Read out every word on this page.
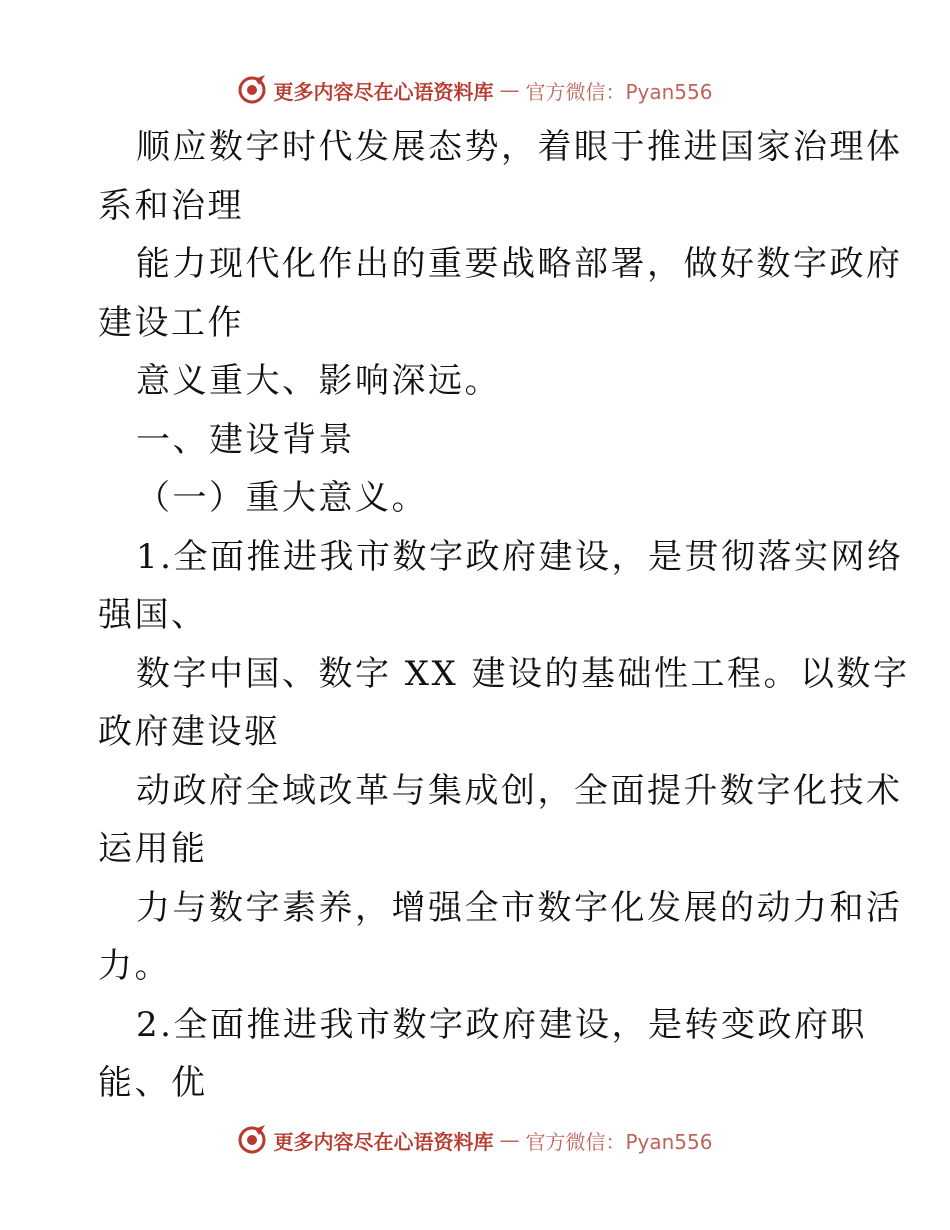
更多内容尽在心语资料库 — 官方微信：Pyan556
顺应数字时代发展态势，着眼于推进国家治理体
系和治理
能力现代化作出的重要战略部署，做好数字政府
建设工作
意义重大、影响深远。
一、建设背景
（一）重大意义。
1.全面推进我市数字政府建设，是贯彻落实网络
强国、
数字中国、数字 XX 建设的基础性工程。以数字
政府建设驱
动政府全域改革与集成创，全面提升数字化技术
运用能
力与数字素养，增强全市数字化发展的动力和活
力。
2.全面推进我市数字政府建设，是转变政府职
能、优
更多内容尽在心语资料库 — 官方微信：Pyan556
